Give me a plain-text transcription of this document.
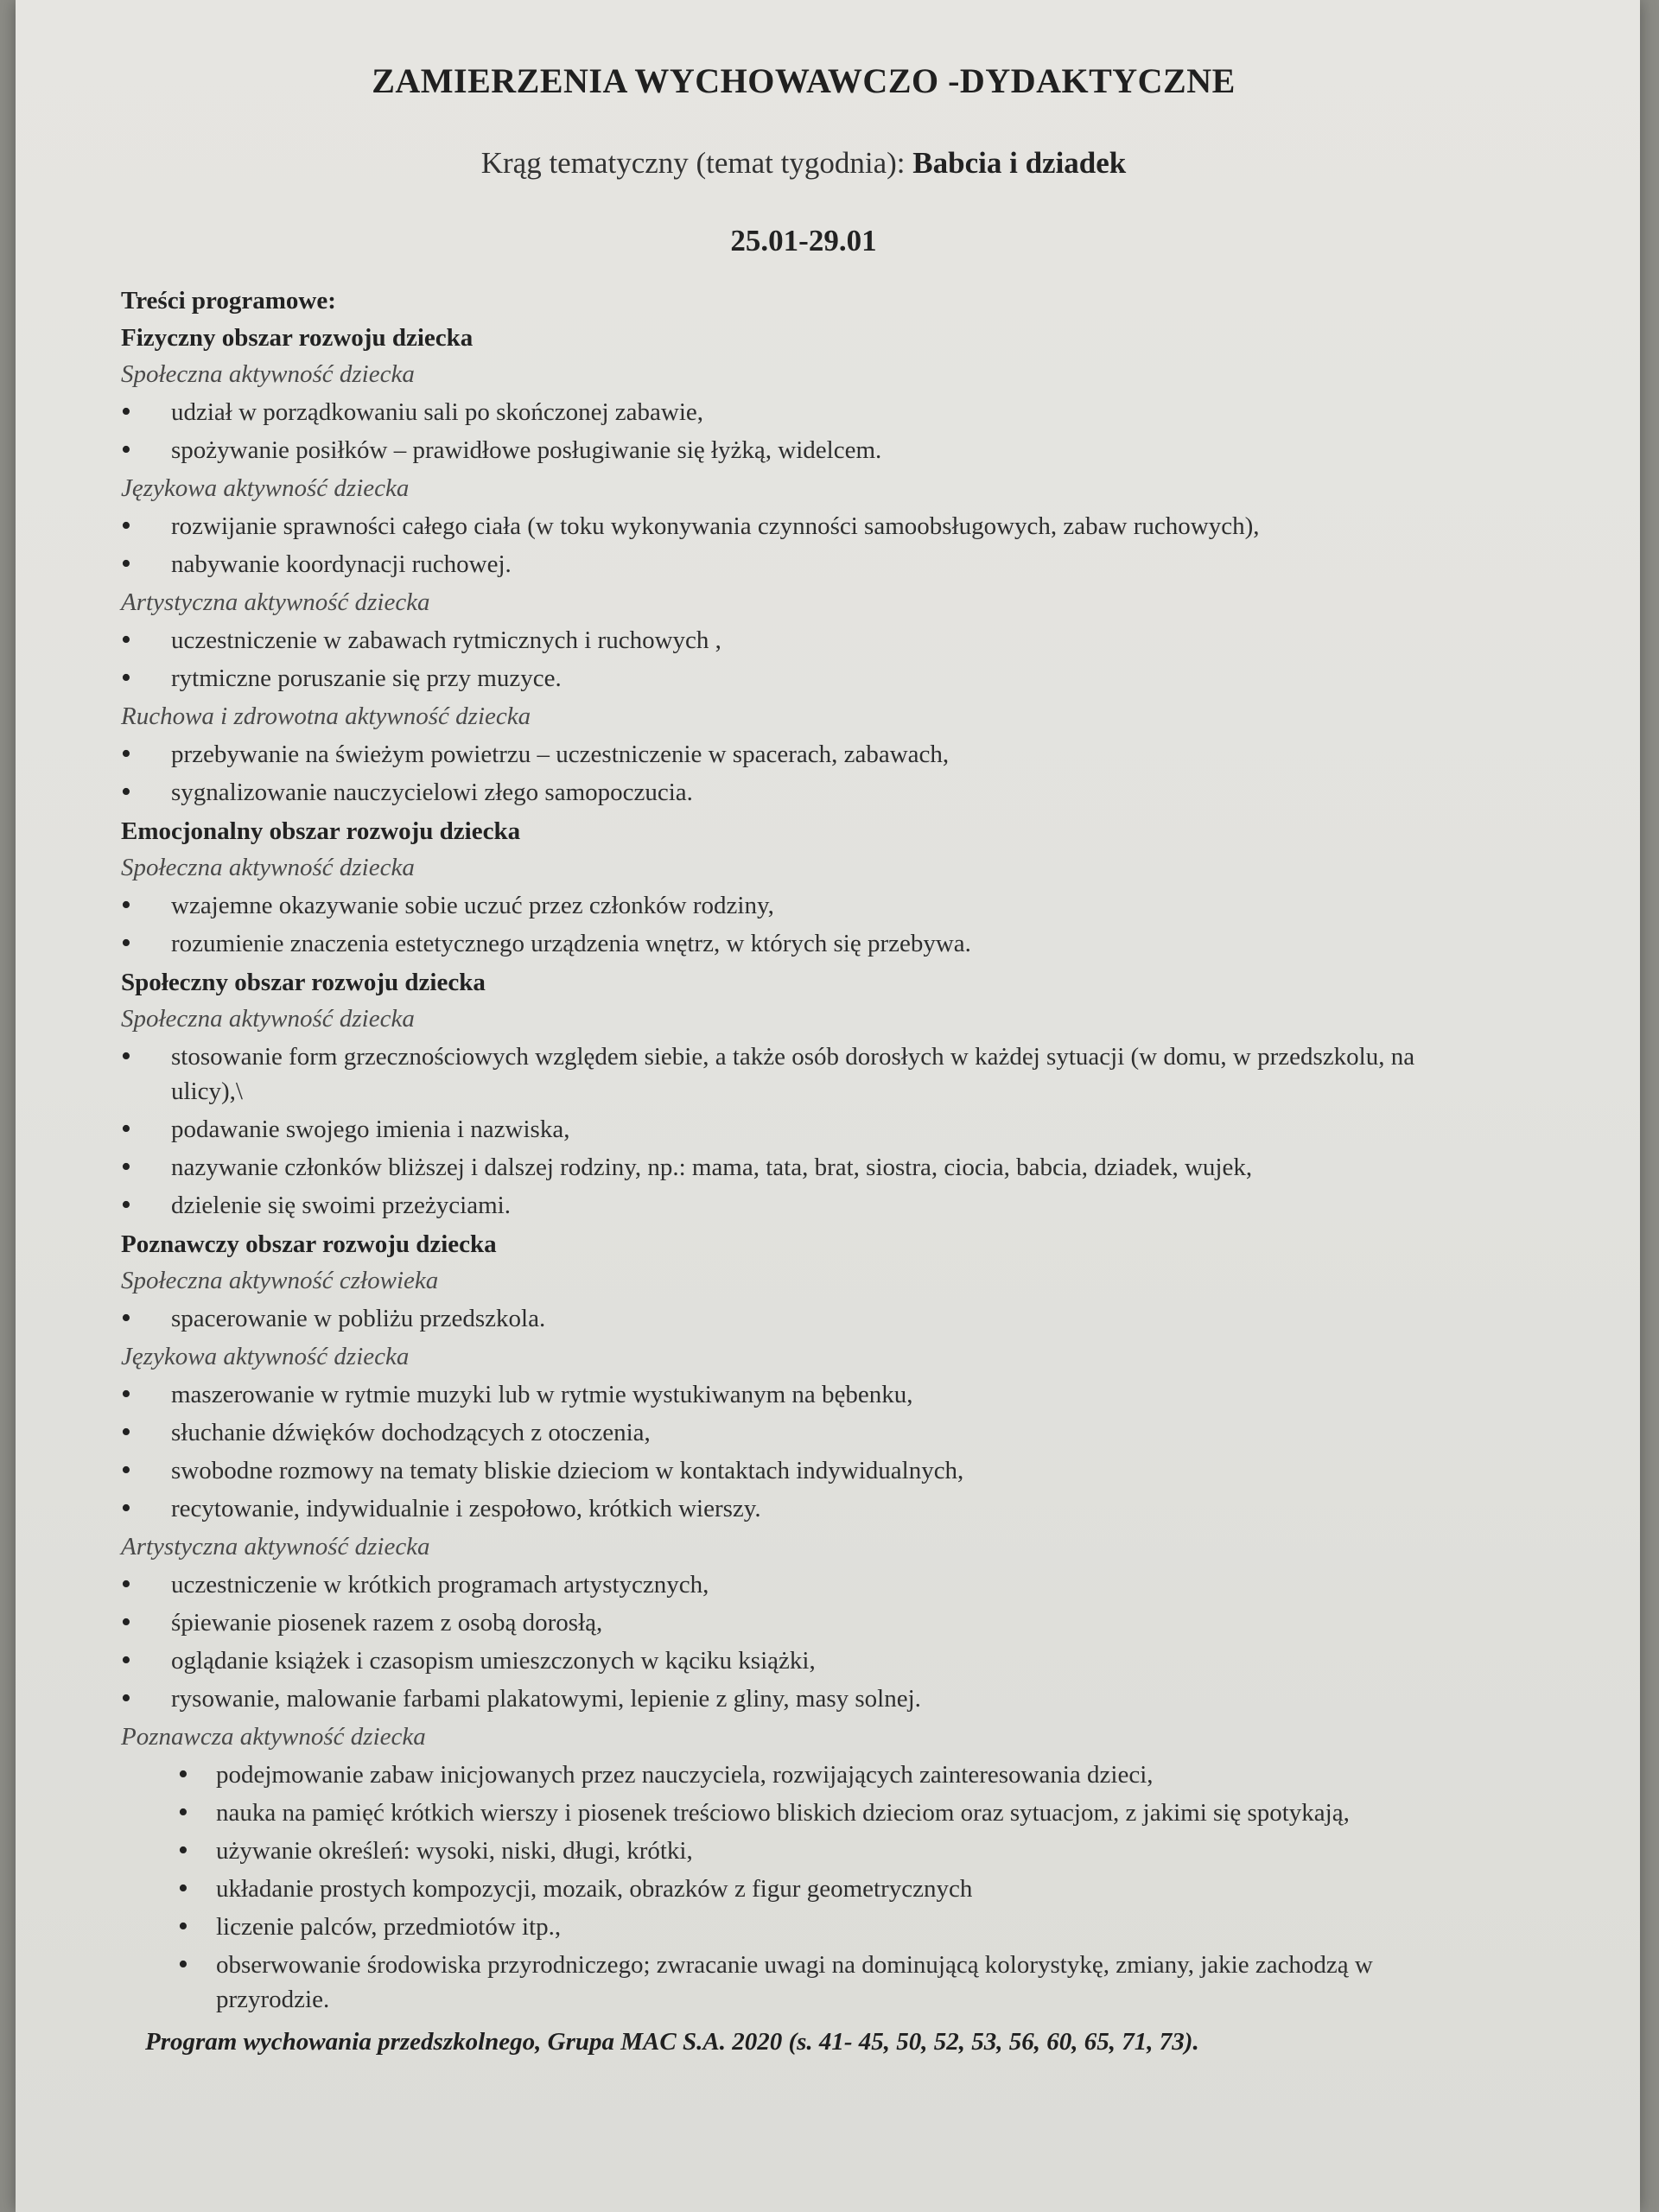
ZAMIERZENIA WYCHOWAWCZO -DYDAKTYCZNE
Krąg tematyczny (temat tygodnia): Babcia i dziadek
25.01-29.01
Treści programowe:
Fizyczny obszar rozwoju dziecka
Społeczna aktywność dziecka
• udział w porządkowaniu sali po skończonej zabawie,
• spożywanie posiłków – prawidłowe posługiwanie się łyżką, widelcem.
Językowa aktywność dziecka
• rozwijanie sprawności całego ciała (w toku wykonywania czynności samoobsługowych, zabaw ruchowych),
• nabywanie koordynacji ruchowej.
Artystyczna aktywność dziecka
• uczestniczenie w zabawach rytmicznych i ruchowych ,
• rytmiczne poruszanie się przy muzyce.
Ruchowa i zdrowotna aktywność dziecka
• przebywanie na świeżym powietrzu – uczestniczenie w spacerach, zabawach,
• sygnalizowanie nauczycielowi złego samopoczucia.
Emocjonalny obszar rozwoju dziecka
Społeczna aktywność dziecka
• wzajemne okazywanie sobie uczuć przez członków rodziny,
• rozumienie znaczenia estetycznego urządzenia wnętrz, w których się przebywa.
Społeczny obszar rozwoju dziecka
Społeczna aktywność dziecka
• stosowanie form grzecznościowych względem siebie, a także osób dorosłych w każdej sytuacji (w domu, w przedszkolu, na ulicy),\
• podawanie swojego imienia i nazwiska,
• nazywanie członków bliższej i dalszej rodziny, np.: mama, tata, brat, siostra, ciocia, babcia, dziadek, wujek,
• dzielenie się swoimi przeżyciami.
Poznawczy obszar rozwoju dziecka
Społeczna aktywność człowieka
• spacerowanie w pobliżu przedszkola.
Językowa aktywność dziecka
• maszerowanie w rytmie muzyki lub w rytmie wystukiwanym na bębenku,
• słuchanie dźwięków dochodzących z otoczenia,
• swobodne rozmowy na tematy bliskie dzieciom w kontaktach indywidualnych,
• recytowanie, indywidualnie i zespołowo, krótkich wierszy.
Artystyczna aktywność dziecka
• uczestniczenie w krótkich programach artystycznych,
• śpiewanie piosenek razem z osobą dorosłą,
• oglądanie książek i czasopism umieszczonych w kąciku książki,
• rysowanie, malowanie farbami plakatowymi, lepienie z gliny, masy solnej.
Poznawcza aktywność dziecka
• podejmowanie zabaw inicjowanych przez nauczyciela, rozwijających zainteresowania dzieci,
• nauka na pamięć krótkich wierszy i piosenek treściowo bliskich dzieciom oraz sytuacjom, z jakimi się spotykają,
• używanie określeń: wysoki, niski, długi, krótki,
• układanie prostych kompozycji, mozaik, obrazków z figur geometrycznych
• liczenie palców, przedmiotów itp.,
• obserwowanie środowiska przyrodniczego; zwracanie uwagi na dominującą kolorystykę, zmiany, jakie zachodzą w przyrodzie.
Program wychowania przedszkolnego, Grupa MAC S.A. 2020 (s. 41- 45, 50, 52, 53, 56, 60, 65, 71, 73).
